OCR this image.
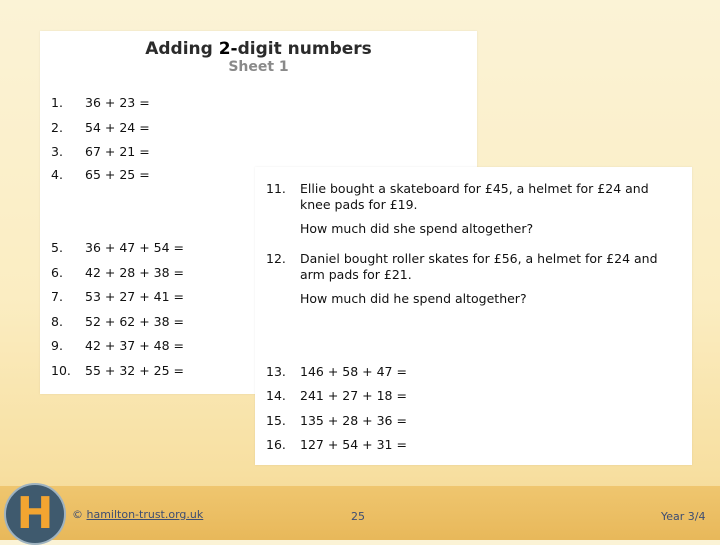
Adding 2-digit numbers
Sheet 1
1. 36 + 23 =
2. 54 + 24 =
3. 67 + 21 =
4. 65 + 25 =
5. 36 + 47 + 54 =
6. 42 + 28 + 38 =
7. 53 + 27 + 41 =
8. 52 + 62 + 38 =
9. 42 + 37 + 48 =
10. 55 + 32 + 25 =
11. Ellie bought a skateboard for £45, a helmet for £24 and knee pads for £19.
How much did she spend altogether?
12. Daniel bought roller skates for £56, a helmet for £24 and arm pads for £21.
How much did he spend altogether?
13. 146 + 58 + 47 =
14. 241 + 27 + 18 =
15. 135 + 28 + 36 =
16. 127 + 54 + 31 =
H	© hamilton-trust.org.uk	25	Year 3/4
